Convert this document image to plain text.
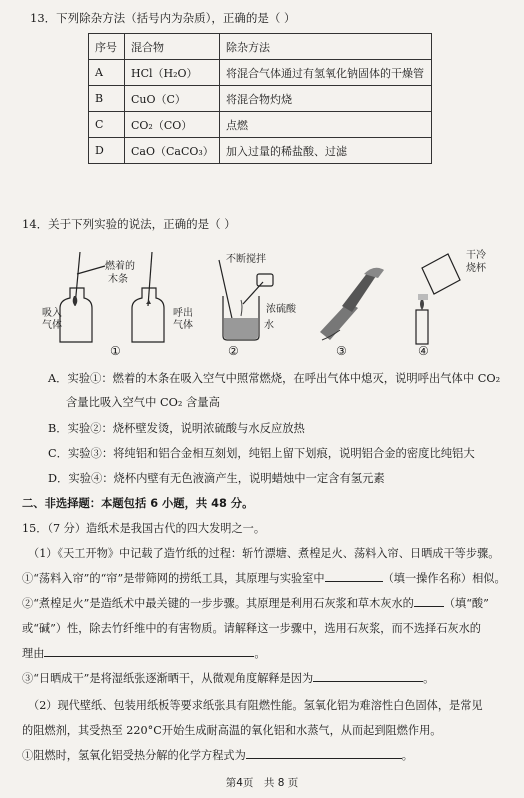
13．下列除杂方法（括号内为杂质），正确的是（ ）
序号	混合物	除杂方法
A	HCl（H₂O）	将混合气体通过有氢氧化钠固体的干燥管
B	CuO（C）	将混合物灼烧
C	CO₂（CO）	点燃
D	CaO（CaCO₃）	加入过量的稀盐酸、过滤
14．关于下列实验的说法，正确的是（ ）
燃着的
木条
吸入
气体
呼出
气体
不断搅拌
浓硫酸
水
干冷
烧杯
①	②	③	④
A．实验①：燃着的木条在吸入空气中照常燃烧，在呼出气体中熄灭，说明呼出气体中 CO₂
含量比吸入空气中 CO₂ 含量高
B．实验②：烧杯壁发烫，说明浓硫酸与水反应放热
C．实验③：将纯铝和铝合金相互刻划，纯铝上留下划痕，说明铝合金的密度比纯铝大
D．实验④：烧杯内壁有无色液滴产生，说明蜡烛中一定含有氢元素
二、非选择题：本题包括 6 小题，共 48 分。
15．（7 分）造纸术是我国古代的四大发明之一。
（1）《天工开物》中记载了造竹纸的过程：斩竹漂塘、煮楻足火、荡料入帘、日晒成干等步骤。
①“荡料入帘”的“帘”是带筛网的捞纸工具，其原理与实验室中	（填一操作名称）相似。
②“煮楻足火”是造纸术中最关键的一步步骤。其原理是利用石灰浆和草木灰水的	（填“酸”
或“碱”）性，除去竹纤维中的有害物质。请解释这一步骤中，选用石灰浆，而不选择石灰水的
理由	。
③“日晒成干”是将湿纸张逐渐晒干，从微观角度解释是因为	。
（2）现代壁纸、包装用纸板等要求纸张具有阻燃性能。氢氧化铝为难溶性白色固体，是常见
的阻燃剂，其受热至 220°C开始生成耐高温的氧化铝和水蒸气，从而起到阻燃作用。
①阻燃时，氢氧化铝受热分解的化学方程式为	。
第4页　共 8 页
